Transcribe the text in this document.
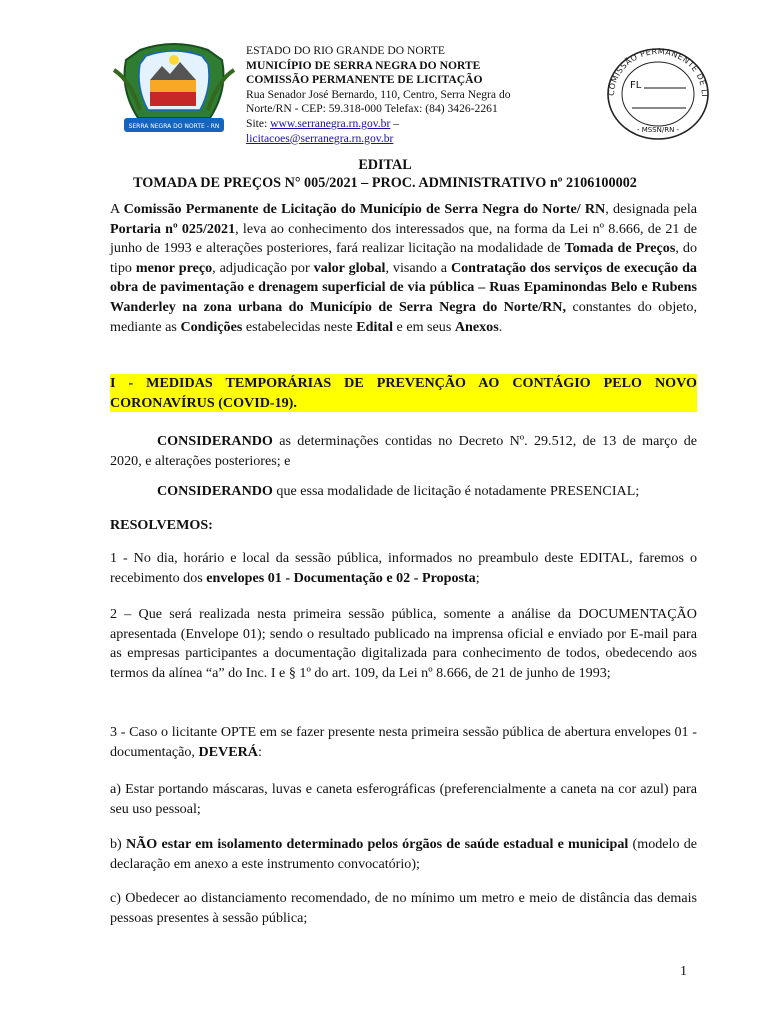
SERRA NEGRA DO NORTE - RN
ESTADO DO RIO GRANDE DO NORTE
MUNICÍPIO DE SERRA NEGRA DO NORTE
COMISSÃO PERMANENTE DE LICITAÇÃO
Rua Senador José Bernardo, 110, Centro, Serra Negra do
Norte/RN - CEP: 59.318-000 Telefax: (84) 3426-2261
Site: www.serranegra.rn.gov.br –
licitacoes@serranegra.rn.gov.br
COMISSÃO PERMANENTE DE LI
FL
- MSSN/RN -
EDITAL
TOMADA DE PREÇOS N° 005/2021 – PROC. ADMINISTRATIVO nº 2106100002
A Comissão Permanente de Licitação do Município de Serra Negra do Norte/ RN, designada pela Portaria nº 025/2021, leva ao conhecimento dos interessados que, na forma da Lei nº 8.666, de 21 de junho de 1993 e alterações posteriores, fará realizar licitação na modalidade de Tomada de Preços, do tipo menor preço, adjudicação por valor global, visando a Contratação dos serviços de execução da obra de pavimentação e drenagem superficial de via pública – Ruas Epaminondas Belo e Rubens Wanderley na zona urbana do Município de Serra Negra do Norte/RN, constantes do objeto, mediante as Condições estabelecidas neste Edital e em seus Anexos.
I - MEDIDAS TEMPORÁRIAS DE PREVENÇÃO AO CONTÁGIO PELO NOVO CORONAVÍRUS (COVID-19).
CONSIDERANDO as determinações contidas no Decreto Nº. 29.512, de 13 de março de 2020, e alterações posteriores; e
CONSIDERANDO que essa modalidade de licitação é notadamente PRESENCIAL;
RESOLVEMOS:
1 - No dia, horário e local da sessão pública, informados no preambulo deste EDITAL, faremos o recebimento dos envelopes 01 - Documentação e 02 - Proposta;
2 – Que será realizada nesta primeira sessão pública, somente a análise da DOCUMENTAÇÃO apresentada (Envelope 01); sendo o resultado publicado na imprensa oficial e enviado por E-mail para as empresas participantes a documentação digitalizada para conhecimento de todos, obedecendo aos termos da alínea “a” do Inc. I e § 1º do art. 109, da Lei nº 8.666, de 21 de junho de 1993;
3 - Caso o licitante OPTE em se fazer presente nesta primeira sessão pública de abertura envelopes 01 - documentação, DEVERÁ:
a) Estar portando máscaras, luvas e caneta esferográficas (preferencialmente a caneta na cor azul) para seu uso pessoal;
b) NÃO estar em isolamento determinado pelos órgãos de saúde estadual e municipal (modelo de declaração em anexo a este instrumento convocatório);
c) Obedecer ao distanciamento recomendado, de no mínimo um metro e meio de distância das demais pessoas presentes à sessão pública;
1
